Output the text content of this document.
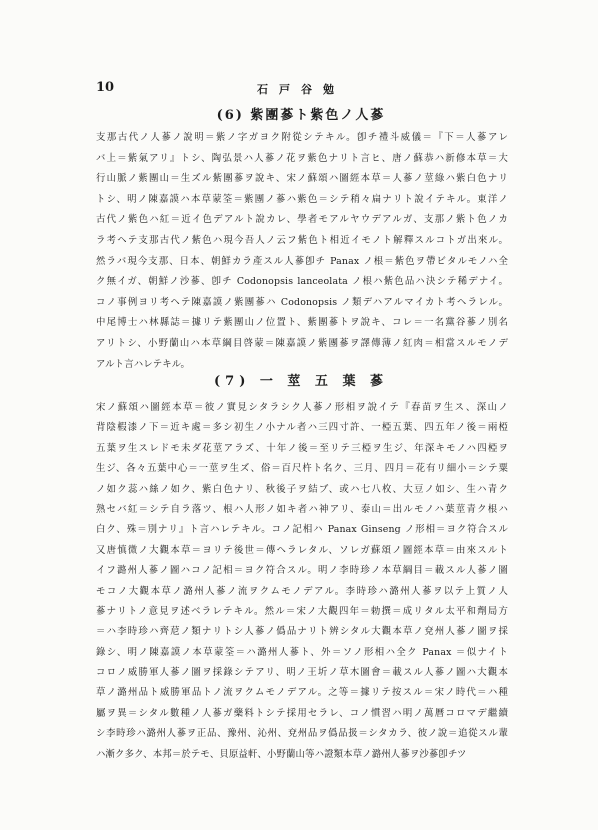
10	石戸谷勉
(6) 紫團蔘ト紫色ノ人蔘
支那古代ノ人蔘ノ說明＝紫ノ字ガヨク附從シテキル。卽チ禮斗威儀＝『下＝人蔘アレ
バ上＝紫氣アリ』トシ、陶弘景ハ人蔘ノ花ヲ紫色ナリト言ヒ、唐ノ蘇恭ハ新修本草＝大
行山脈ノ紫團山＝生ズル紫團蔘ヲ說キ、宋ノ蘇頌ハ圖經本草＝人蔘ノ莖綠ハ紫白色ナリ
トシ、明ノ陳嘉謨ハ本草蒙筌＝紫團ノ蔘ハ紫色＝シテ稍々扁ナリト說イテキル。東洋ノ
古代ノ紫色ハ紅＝近イ色デアルト說カレ、學者モアルヤウデアルガ、支那ノ紫ト色ノカ
ラ考ヘテ支那古代ノ紫色ハ現今吾人ノ云フ紫色ト相近イモノト解釋スルコトガ出來ル。
然ラバ現今支那、日本、朝鮮カラ產スル人蔘卽チ Panax ノ根＝紫色ヲ帶ビタルモノハ全
ク無イガ、朝鮮ノ沙蔘、卽チ Codonopsis lanceolata ノ根ハ紫色品ハ決シテ稀デナイ。
コノ事例ヨリ考ヘテ陳嘉謨ノ紫團蔘ハ Codonopsis ノ類デハアルマイカト考ヘラレル。
中尾博士ハ林縣誌＝據リテ紫團山ノ位置ト、紫團蔘トヲ說キ、コレ＝一名黨谷蔘ノ別名
アリトシ、小野蘭山ハ本草綱目啓蒙＝陳嘉謨ノ紫團蔘ヲ譯傳薄ノ紅肉＝相當スルモノデ
アルト言ハレテキル。
(7) 一 莖 五 葉 蔘
宋ノ蘇頌ハ圖經本草＝彼ノ實見シタラシク人蔘ノ形相ヲ說イテ『春苗ヲ生ス、深山ノ
背陰椵漆ノ下＝近キ處＝多シ初生ノ小ナル者ハ三四寸許、一椏五葉、四五年ノ後＝兩椏
五葉ヲ生スレドモ未ダ花莖アラズ、十年ノ後＝至リテ三椏ヲ生ジ、年深キモノハ四椏ヲ
生ジ、各々五葉中心＝一莖ヲ生ズ、俗＝百尺杵ト名ク、三月、四月＝花有リ細小＝シテ粟
ノ如ク蕊ハ絲ノ如ク、紫白色ナリ、秋後子ヲ結ブ、或ハ七八枚、大豆ノ如シ、生ハ青ク
熟セバ紅＝シテ自ラ落ツ、根ハ人形ノ如キ者ハ神アリ、泰山＝出ルモノハ葉莖青ク根ハ
白ク、殊＝別ナリ』ト言ハレテキル。コノ記相ハ Panax Ginseng ノ形相＝ヨク符合スル
又唐慎微ノ大觀本草＝ヨリテ後世＝傳ヘラレタル、ソレガ蘇頌ノ圖經本草＝由來スルト
イフ潞州人蔘ノ圖ハコノ記相＝ヨク符合スル。明ノ李時珍ノ本草綱目＝載スル人蔘ノ圖
モコノ大觀本草ノ潞州人蔘ノ流ヲクムモノデアル。李時珍ハ潞州人蔘ヲ以テ上質ノ人
蔘ナリトノ意見ヲ述ベラレテキル。然ル＝宋ノ大觀四年＝勅撰＝成リタル太平和劑局方
＝ハ李時珍ハ齊苨ノ類ナリトシ人蔘ノ僞品ナリト辨シタル大觀本草ノ兗州人蔘ノ圖ヲ採
錄シ、明ノ陳嘉謨ノ本草蒙筌＝ハ潞州人蔘ト、外＝ソノ形相ハ全ク Panax ＝似ナイト
コロノ威勝軍人蔘ノ圖ヲ採錄シテアリ、明ノ王圻ノ草木圖會＝載スル人蔘ノ圖ハ大觀本
草ノ潞州品ト威勝軍品トノ流ヲクムモノデアル。之等＝據リテ按スル＝宋ノ時代＝ハ種
屬ヲ異＝シタル數種ノ人蔘ガ藥料トシテ採用セラレ、コノ慣習ハ明ノ萬曆コロマデ繼續
シ李時珍ハ潞州人蔘ヲ正品、豫州、沁州、兗州品ヲ僞品扱＝シタカラ、彼ノ說＝追從スル輩
ハ漸ク多ク、本邦＝於テモ、貝原益軒、小野蘭山等ハ證類本草ノ潞州人蔘ヲ沙蔘卽チツ
